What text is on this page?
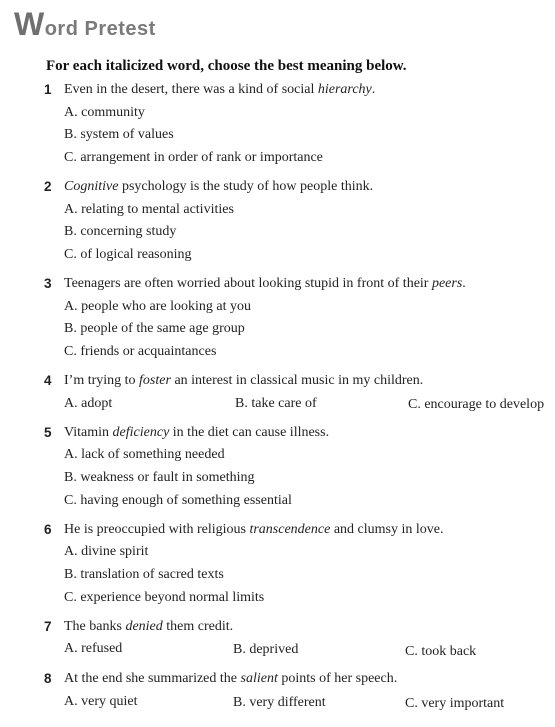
Word Pretest
For each italicized word, choose the best meaning below.
1 Even in the desert, there was a kind of social hierarchy.
A. community
B. system of values
C. arrangement in order of rank or importance
2 Cognitive psychology is the study of how people think.
A. relating to mental activities
B. concerning study
C. of logical reasoning
3 Teenagers are often worried about looking stupid in front of their peers.
A. people who are looking at you
B. people of the same age group
C. friends or acquaintances
4 I’m trying to foster an interest in classical music in my children.
A. adopt	B. take care of	C. encourage to develop
5 Vitamin deficiency in the diet can cause illness.
A. lack of something needed
B. weakness or fault in something
C. having enough of something essential
6 He is preoccupied with religious transcendence and clumsy in love.
A. divine spirit
B. translation of sacred texts
C. experience beyond normal limits
7 The banks denied them credit.
A. refused	B. deprived	C. took back
8 At the end she summarized the salient points of her speech.
A. very quiet	B. very different	C. very important
